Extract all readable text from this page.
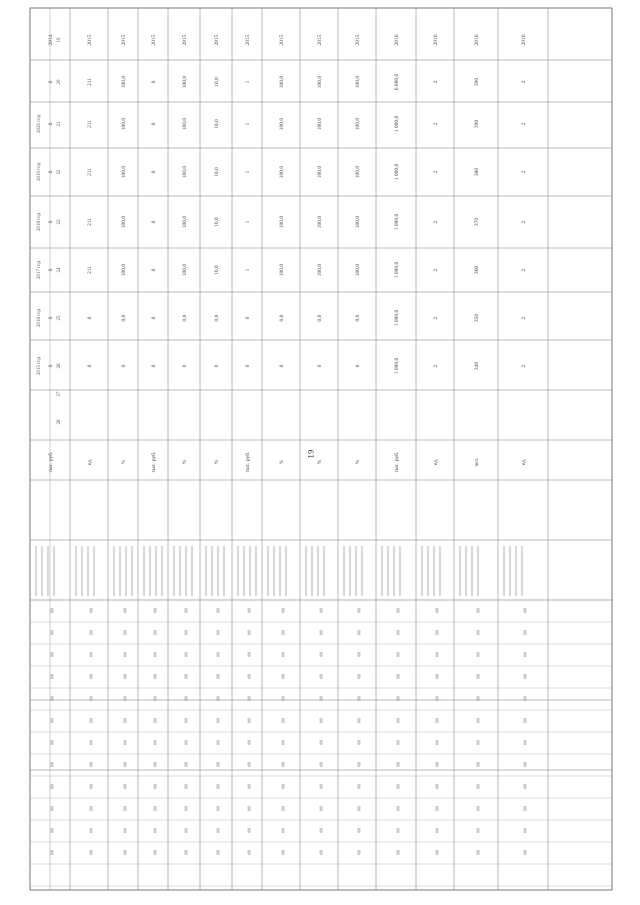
19
2014
0
0
0
0
0
0
0
тыс. руб.
2015
211
211
211
211
211
0
0
ед.
2015
100,0
100,0
100,0
100,0
100,0
0,0
0
%
2015
0
0
0
0
0
0
0
тыс. руб.
2015
100,0
100,0
100,0
100,0
100,0
0,0
0
%
2015
10,0
10,0
10,0
10,0
10,0
0,0
0
%
2015
1
1
1
1
1
0
0
тыс. руб.
2015
100,0
100,0
100,0
100,0
100,0
0,0
0
%
2015
100,0
100,0
100,0
100,0
100,0
0,0
0
%
2015
100,0
100,0
100,0
100,0
100,0
0,0
0
%
2016
6 000,0
1 000,0
1 000,0
1 000,0
1 000,0
1 000,0
1 000,0
тыс. руб.
2016
2
2
2
2
2
2
2
ед.
2016
390
390
380
370
360
350
340
чел.
2016
2
2
2
2
2
2
2
ед.
2020 год
2019 год
2018 год
2017 год
2016 год
2015 год
19
20
21
22
23
24
25
26
27
28
